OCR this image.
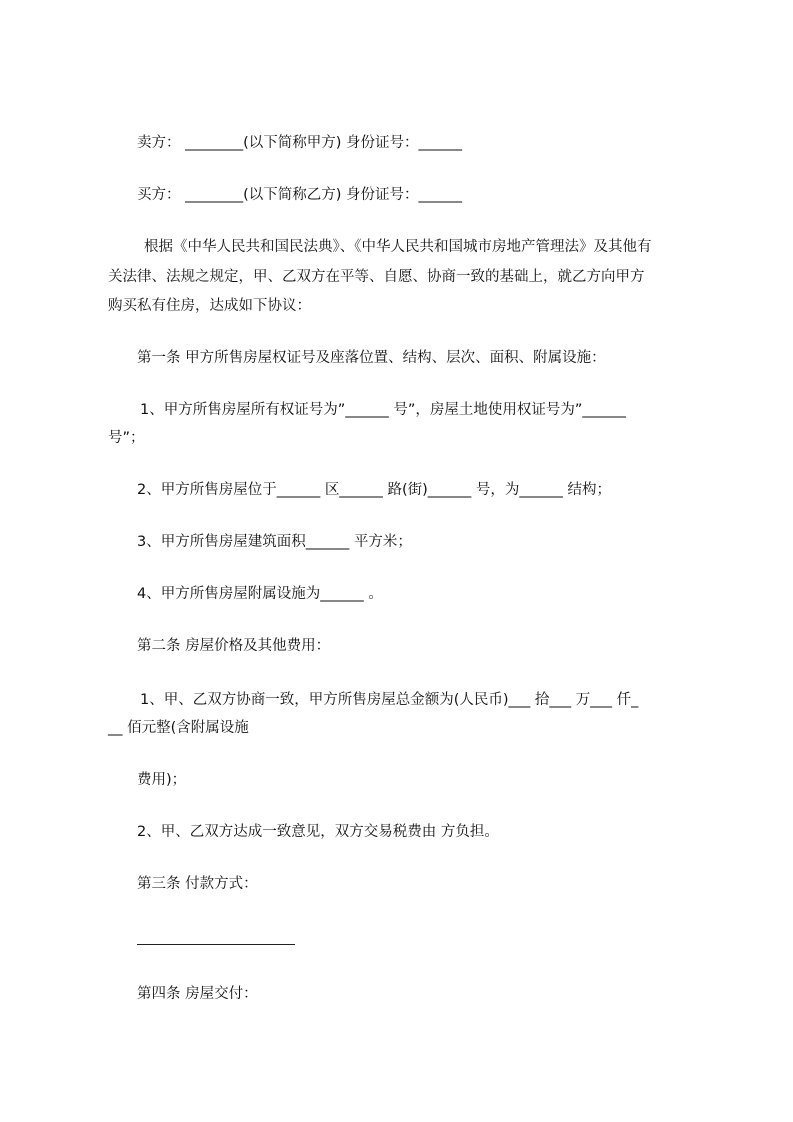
卖方： ________(以下简称甲方) 身份证号：______
买方： ________(以下简称乙方) 身份证号：______
根据《中华人民共和国民法典》、《中华人民共和国城市房地产管理法》及其他有
关法律、法规之规定，甲、乙双方在平等、自愿、协商一致的基础上，就乙方向甲方
购买私有住房，达成如下协议：
第一条 甲方所售房屋权证号及座落位置、结构、层次、面积、附属设施：
1、甲方所售房屋所有权证号为”______ 号”，房屋土地使用权证号为”______
号”；
2、甲方所售房屋位于______ 区______ 路(街)______ 号，为______ 结构；
3、甲方所售房屋建筑面积______ 平方米；
4、甲方所售房屋附属设施为______ 。
第二条 房屋价格及其他费用：
1、甲、乙双方协商一致，甲方所售房屋总金额为(人民币)___ 拾___ 万___ 仟_
__ 佰元整(含附属设施
费用)；
2、甲、乙双方达成一致意见，双方交易税费由 方负担。
第三条 付款方式：
第四条 房屋交付：
